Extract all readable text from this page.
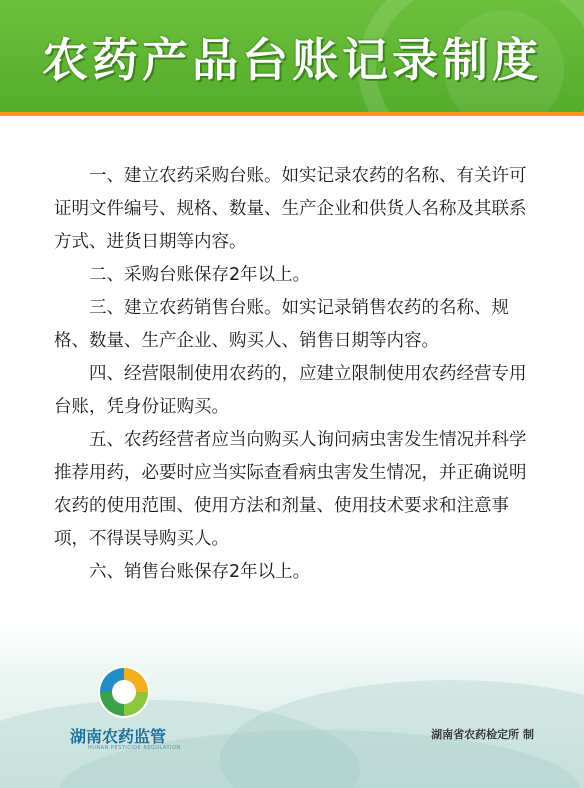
农药产品台账记录制度

一、建立农药采购台账。如实记录农药的名称、有关许可证明文件编号、规格、数量、生产企业和供货人名称及其联系方式、进货日期等内容。

二、采购台账保存2年以上。

三、建立农药销售台账。如实记录销售农药的名称、规格、数量、生产企业、购买人、销售日期等内容。

四、经营限制使用农药的，应建立限制使用农药经营专用台账，凭身份证购买。

五、农药经营者应当向购买人询问病虫害发生情况并科学推荐用药，必要时应当实际查看病虫害发生情况，并正确说明农药的使用范围、使用方法和剂量、使用技术要求和注意事项，不得误导购买人。

六、销售台账保存2年以上。

湖南农药监管
HUNAN PESTICIDE REGULATION
湖南省农药检定所 制
